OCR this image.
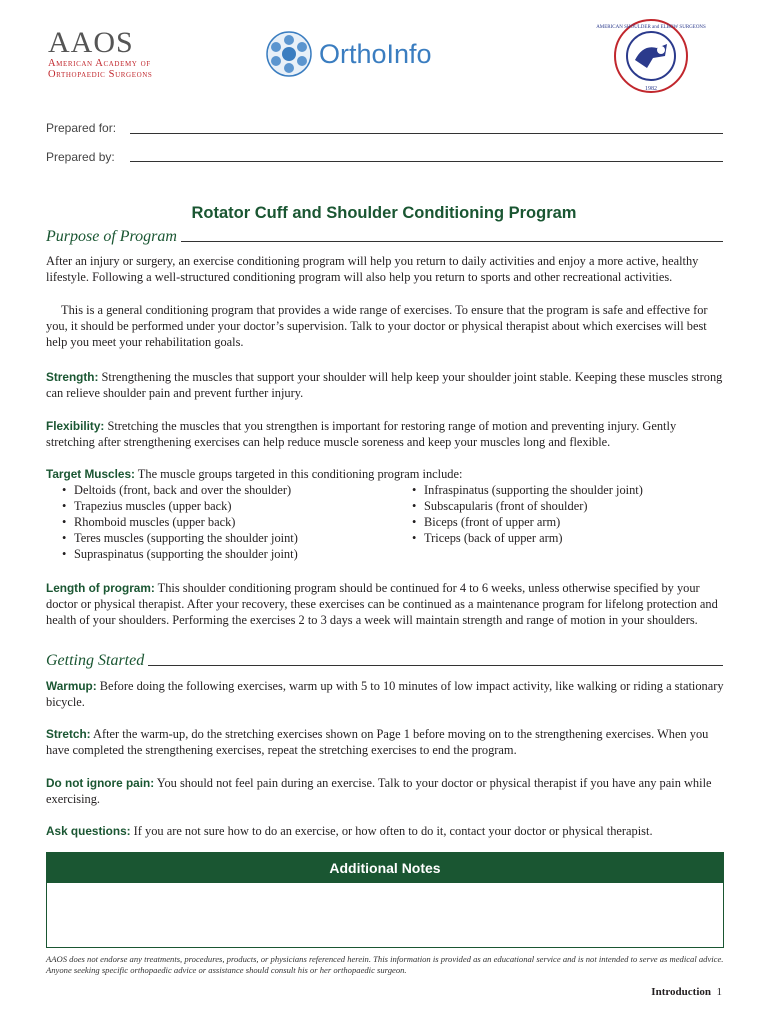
AAOS
American Academy of
Orthopaedic Surgeons
OrthoInfo
AMERICAN SHOULDER and ELBOW SURGEONS
1982
Prepared for:
Prepared by:
Rotator Cuff and Shoulder Conditioning Program
Purpose of Program
After an injury or surgery, an exercise conditioning program will help you return to daily activities and enjoy a more active, healthy lifestyle. Following a well-structured conditioning program will also help you return to sports and other recreational activities.
This is a general conditioning program that provides a wide range of exercises. To ensure that the program is safe and effective for you, it should be performed under your doctor’s supervision. Talk to your doctor or physical therapist about which exercises will best help you meet your rehabilitation goals.
Strength: Strengthening the muscles that support your shoulder will help keep your shoulder joint stable. Keeping these muscles strong can relieve shoulder pain and prevent further injury.
Flexibility: Stretching the muscles that you strengthen is important for restoring range of motion and preventing injury. Gently stretching after strengthening exercises can help reduce muscle soreness and keep your muscles long and flexible.
Target Muscles: The muscle groups targeted in this conditioning program include:
• Deltoids (front, back and over the shoulder)
• Trapezius muscles (upper back)
• Rhomboid muscles (upper back)
• Teres muscles (supporting the shoulder joint)
• Supraspinatus (supporting the shoulder joint)
• Infraspinatus (supporting the shoulder joint)
• Subscapularis (front of shoulder)
• Biceps (front of upper arm)
• Triceps (back of upper arm)
Length of program: This shoulder conditioning program should be continued for 4 to 6 weeks, unless otherwise specified by your doctor or physical therapist. After your recovery, these exercises can be continued as a maintenance program for lifelong protection and health of your shoulders. Performing the exercises 2 to 3 days a week will maintain strength and range of motion in your shoulders.
Getting Started
Warmup: Before doing the following exercises, warm up with 5 to 10 minutes of low impact activity, like walking or riding a stationary bicycle.
Stretch: After the warm-up, do the stretching exercises shown on Page 1 before moving on to the strengthening exercises. When you have completed the strengthening exercises, repeat the stretching exercises to end the program.
Do not ignore pain: You should not feel pain during an exercise. Talk to your doctor or physical therapist if you have any pain while exercising.
Ask questions: If you are not sure how to do an exercise, or how often to do it, contact your doctor or physical therapist.
Additional Notes
AAOS does not endorse any treatments, procedures, products, or physicians referenced herein. This information is provided as an educational service and is not intended to serve as medical advice. Anyone seeking specific orthopaedic advice or assistance should consult his or her orthopaedic surgeon.
Introduction 1
